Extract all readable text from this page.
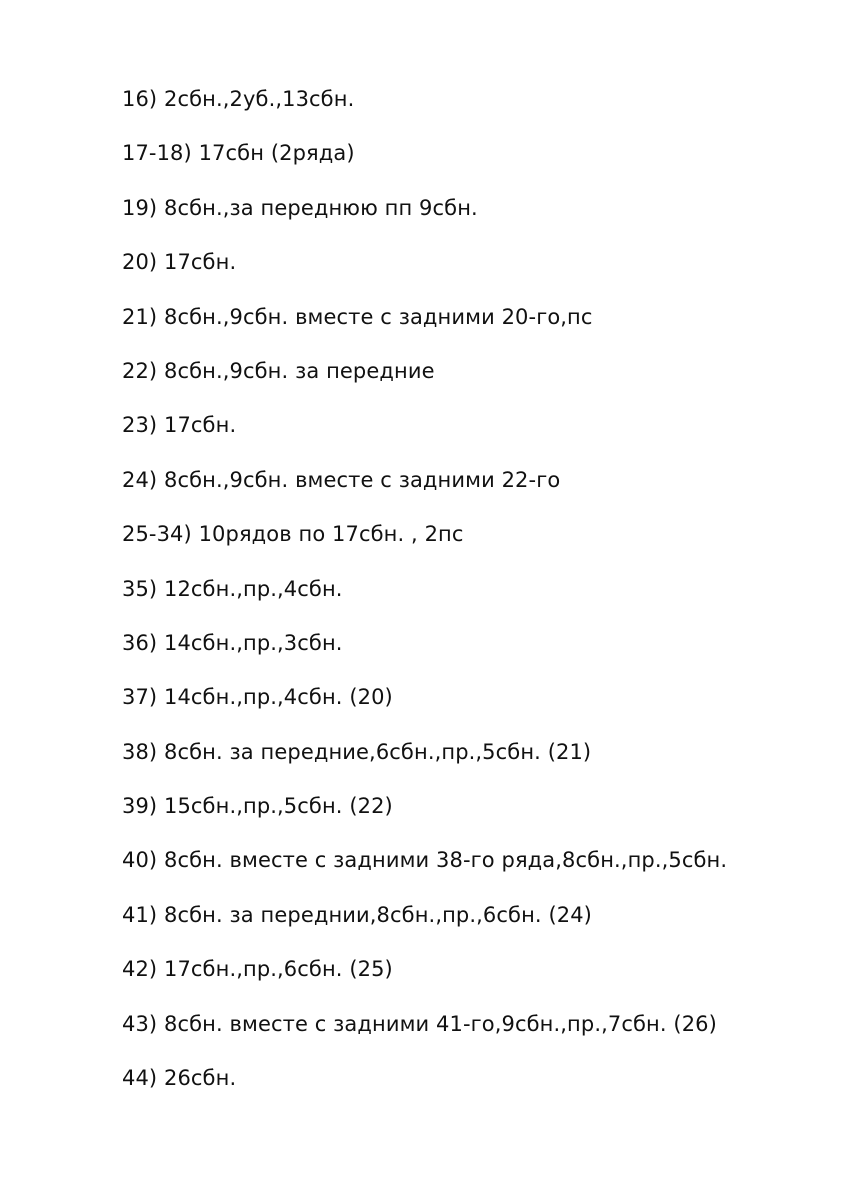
16) 2сбн.,2уб.,13сбн.
17-18) 17сбн (2ряда)
19) 8сбн.,за переднюю пп 9сбн.
20) 17сбн.
21) 8сбн.,9сбн. вместе с задними 20-го,пс
22) 8сбн.,9сбн. за передние
23) 17сбн.
24) 8сбн.,9сбн. вместе с задними 22-го
25-34) 10рядов по 17сбн. , 2пс
35) 12сбн.,пр.,4сбн.
36) 14сбн.,пр.,3сбн.
37) 14сбн.,пр.,4сбн. (20)
38) 8сбн. за передние,6сбн.,пр.,5сбн. (21)
39) 15сбн.,пр.,5сбн. (22)
40) 8сбн. вместе с задними 38-го ряда,8сбн.,пр.,5сбн.
41) 8сбн. за переднии,8сбн.,пр.,6сбн. (24)
42) 17сбн.,пр.,6сбн. (25)
43) 8сбн. вместе с задними 41-го,9сбн.,пр.,7сбн. (26)
44) 26сбн.
